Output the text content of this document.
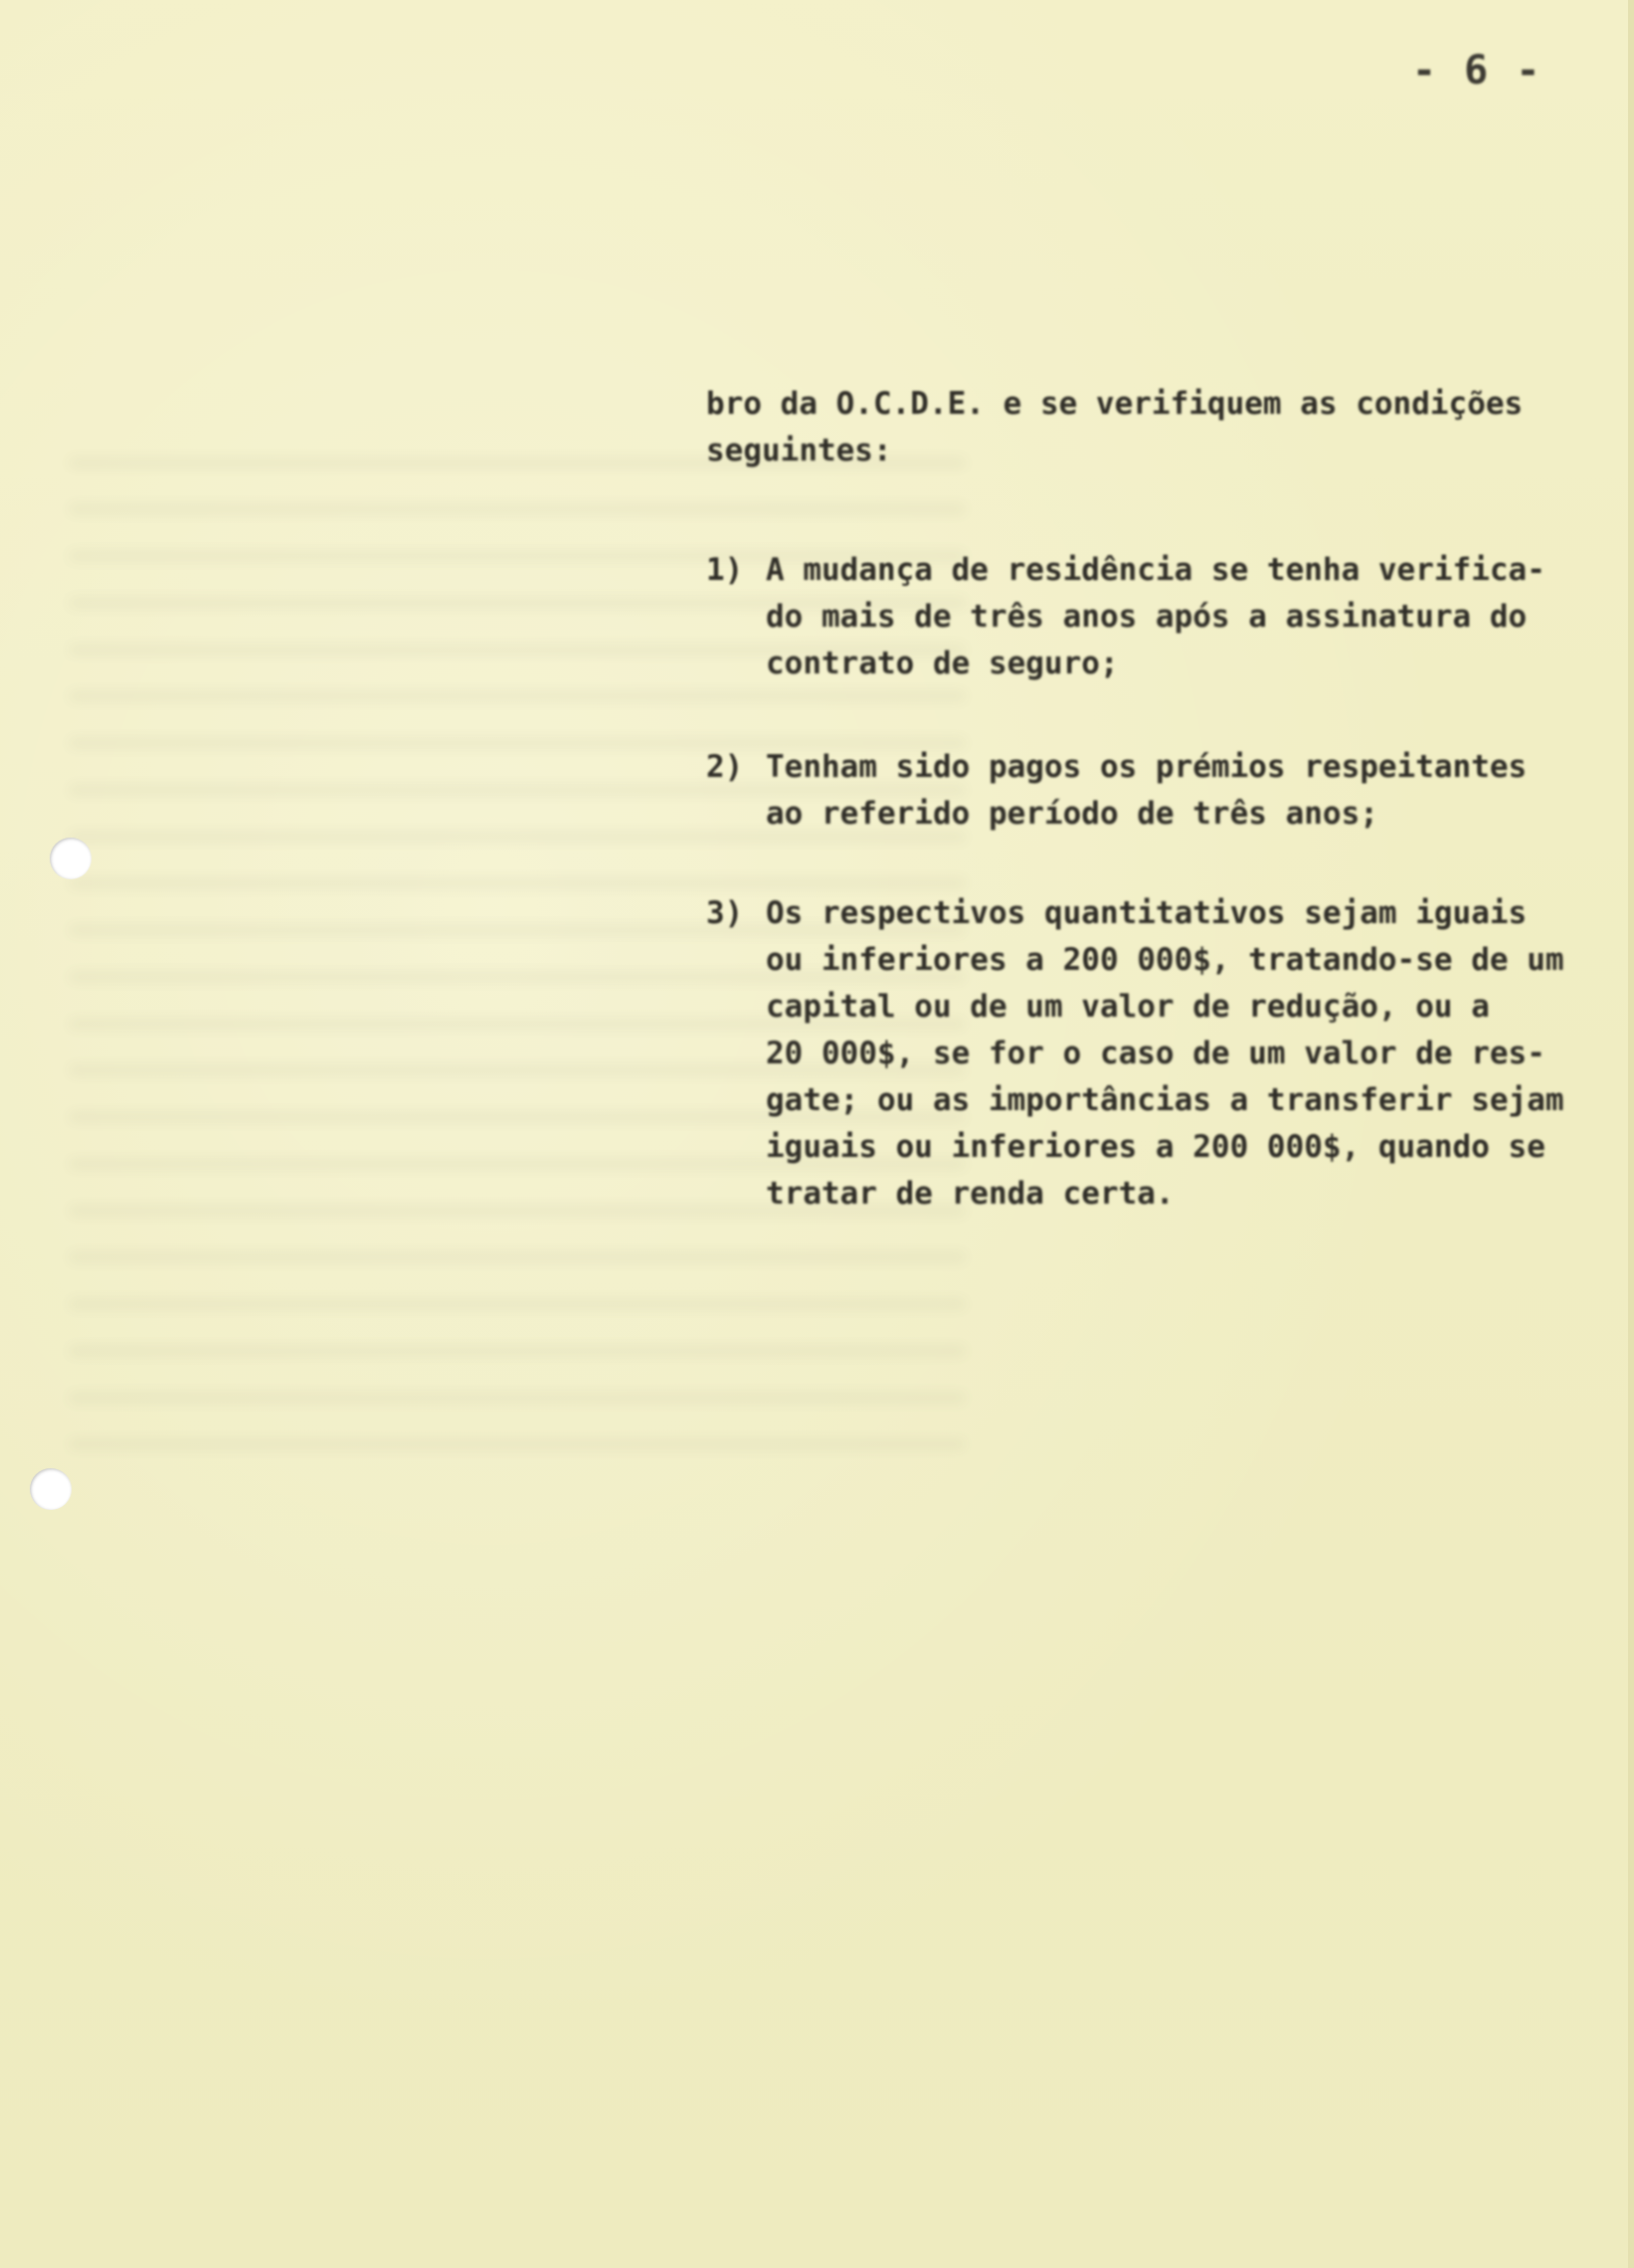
- 6 -
bro da O.C.D.E. e se verifiquem as condições
seguintes:
1) A mudança de residência se tenha verifica-
do mais de três anos após a assinatura do
contrato de seguro;
2) Tenham sido pagos os prémios respeitantes
ao referido período de três anos;
3) Os respectivos quantitativos sejam iguais
ou inferiores a 200 000$, tratando-se de um
capital ou de um valor de redução, ou a
20 000$, se for o caso de um valor de res-
gate; ou as importâncias a transferir sejam
iguais ou inferiores a 200 000$, quando se
tratar de renda certa.
